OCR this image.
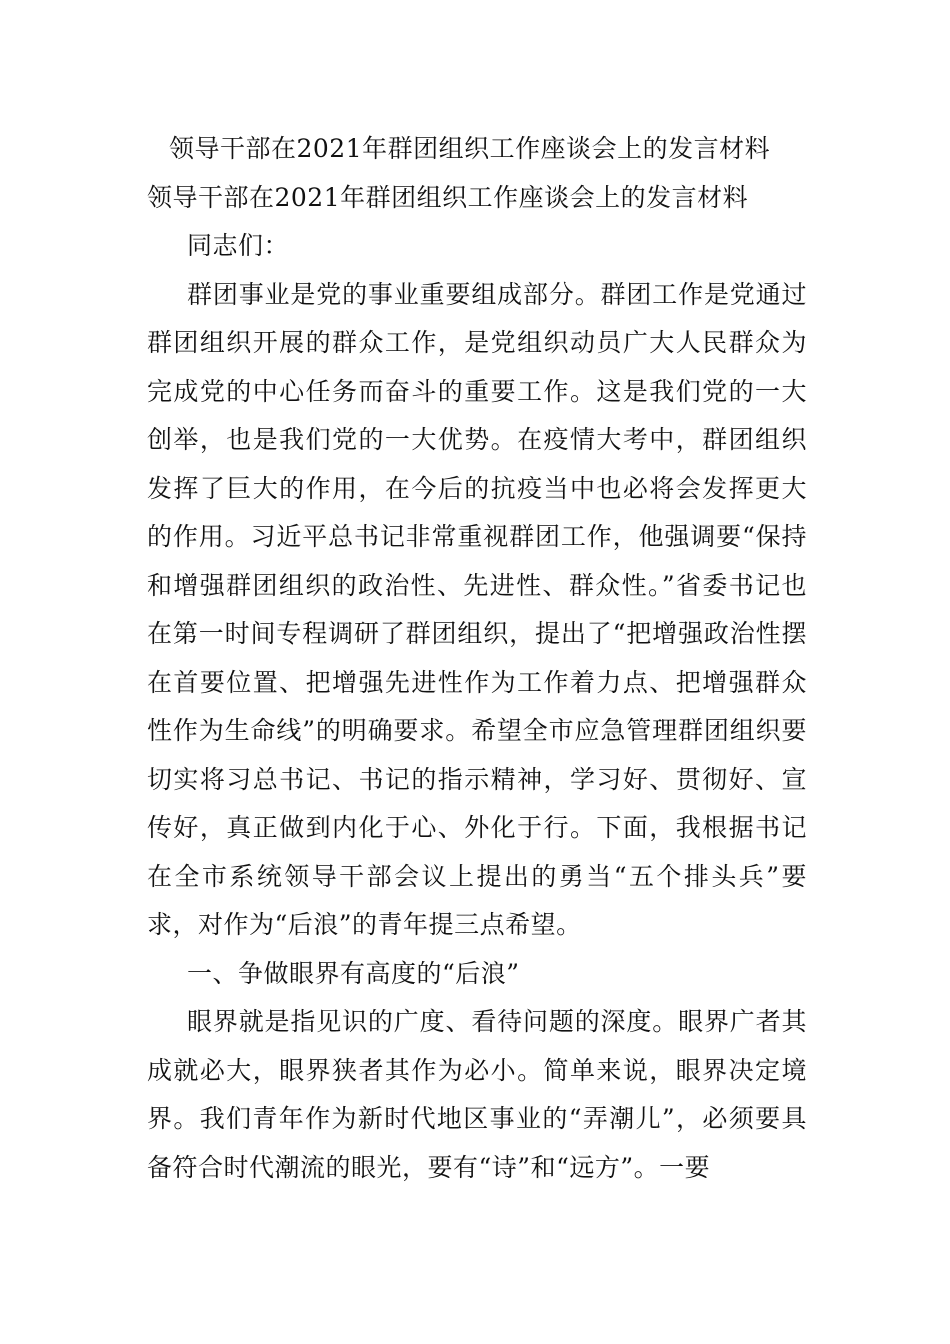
领导干部在2021年群团组织工作座谈会上的发言材料

领导干部在2021年群团组织工作座谈会上的发言材料

同志们：

群团事业是党的事业重要组成部分。群团工作是党通过群团组织开展的群众工作，是党组织动员广大人民群众为完成党的中心任务而奋斗的重要工作。这是我们党的一大创举，也是我们党的一大优势。在疫情大考中，群团组织发挥了巨大的作用，在今后的抗疫当中也必将会发挥更大的作用。习近平总书记非常重视群团工作，他强调要“保持和增强群团组织的政治性、先进性、群众性。”省委书记也在第一时间专程调研了群团组织，提出了“把增强政治性摆在首要位置、把增强先进性作为工作着力点、把增强群众性作为生命线”的明确要求。希望全市应急管理群团组织要切实将习总书记、书记的指示精神，学习好、贯彻好、宣传好，真正做到内化于心、外化于行。下面，我根据书记在全市系统领导干部会议上提出的勇当“五个排头兵”要求，对作为“后浪”的青年提三点希望。

一、争做眼界有高度的“后浪”

眼界就是指见识的广度、看待问题的深度。眼界广者其成就必大，眼界狭者其作为必小。简单来说，眼界决定境界。我们青年作为新时代地区事业的“弄潮儿”，必须要具备符合时代潮流的眼光，要有“诗”和“远方”。一要
